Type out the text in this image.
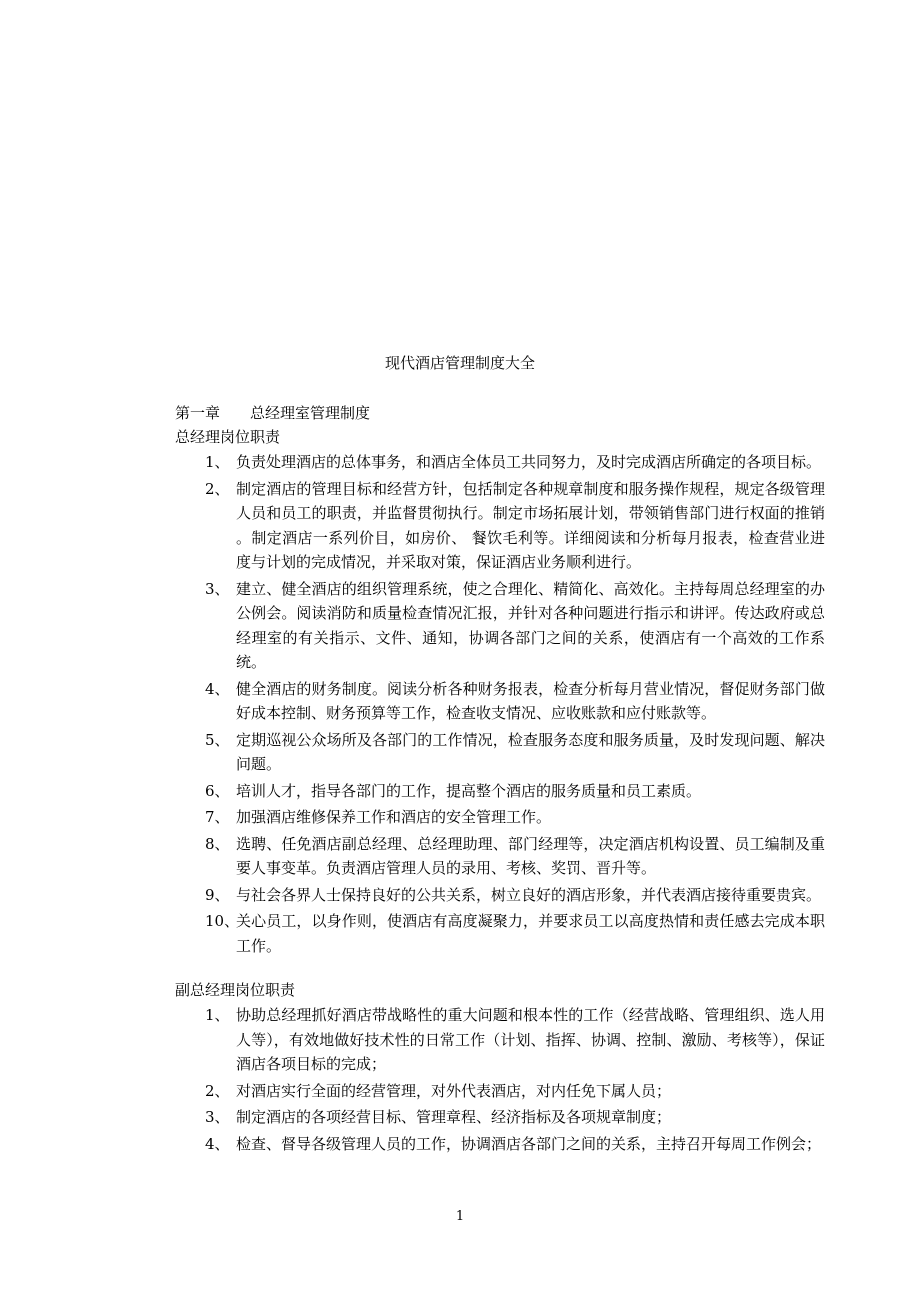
现代酒店管理制度大全
第一章　　总经理室管理制度
总经理岗位职责
1、 负责处理酒店的总体事务，和酒店全体员工共同努力，及时完成酒店所确定的各项目标。
2、 制定酒店的管理目标和经营方针，包括制定各种规章制度和服务操作规程，规定各级管理人员和员工的职责，并监督贯彻执行。制定市场拓展计划，带领销售部门进行权面的推销 。制定酒店一系列价目，如房价、 餐饮毛利等。详细阅读和分析每月报表，检查营业进度与计划的完成情况，并采取对策，保证酒店业务顺利进行。
3、 建立、健全酒店的组织管理系统，使之合理化、精简化、高效化。主持每周总经理室的办公例会。阅读消防和质量检查情况汇报，并针对各种问题进行指示和讲评。传达政府或总经理室的有关指示、文件、通知，协调各部门之间的关系，使酒店有一个高效的工作系统。
4、 健全酒店的财务制度。阅读分析各种财务报表，检查分析每月营业情况，督促财务部门做好成本控制、财务预算等工作，检查收支情况、应收账款和应付账款等。
5、 定期巡视公众场所及各部门的工作情况，检查服务态度和服务质量，及时发现问题、解决问题。
6、 培训人才，指导各部门的工作，提高整个酒店的服务质量和员工素质。
7、 加强酒店维修保养工作和酒店的安全管理工作。
8、 选聘、任免酒店副总经理、总经理助理、部门经理等，决定酒店机构设置、员工编制及重要人事变革。负责酒店管理人员的录用、考核、奖罚、晋升等。
9、 与社会各界人士保持良好的公共关系，树立良好的酒店形象，并代表酒店接待重要贵宾。
10、
关心员工，以身作则，使酒店有高度凝聚力，并要求员工以高度热情和责任感去完成本职工作。
副总经理岗位职责
1、 协助总经理抓好酒店带战略性的重大问题和根本性的工作（经营战略、管理组织、选人用人等），有效地做好技术性的日常工作（计划、指挥、协调、控制、激励、考核等），保证酒店各项目标的完成；
2、 对酒店实行全面的经营管理，对外代表酒店，对内任免下属人员；
3、 制定酒店的各项经营目标、管理章程、经济指标及各项规章制度；
4、 检查、督导各级管理人员的工作，协调酒店各部门之间的关系，主持召开每周工作例会；
1
